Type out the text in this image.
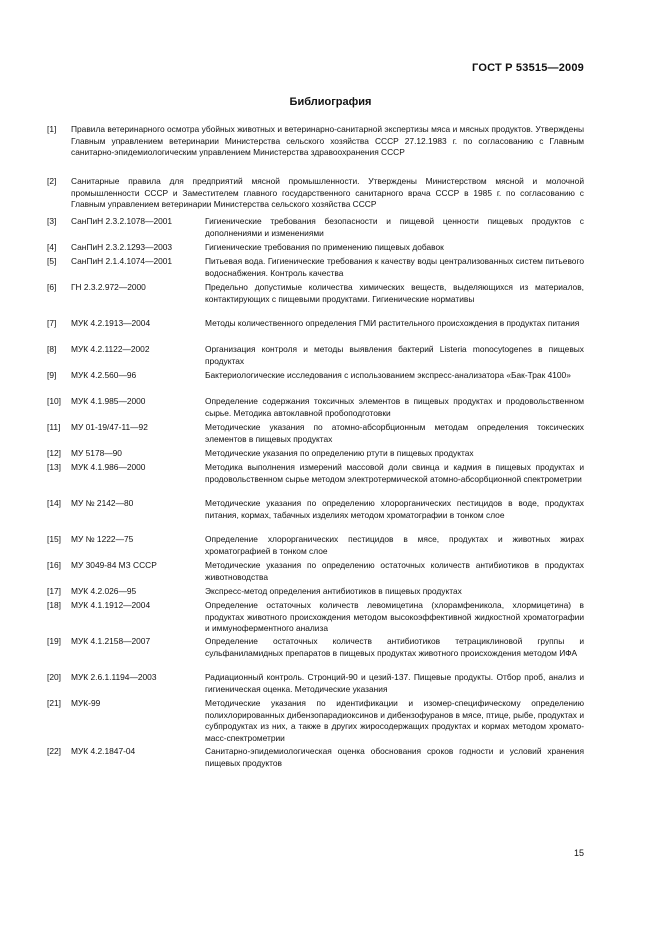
ГОСТ Р 53515—2009
Библиография
[1]	Правила ветеринарного осмотра убойных животных и ветеринарно-санитарной экспертизы мяса и мясных продуктов. Утверждены Главным управлением ветеринарии Министерства сельского хозяйства СССР 27.12.1983 г. по согласованию с Главным санитарно-эпидемиологическим управлением Министерства здравоохранения СССР
[2]	Санитарные правила для предприятий мясной промышленности. Утверждены Министерством мясной и молочной промышленности СССР и Заместителем главного государственного санитарного врача СССР в 1985 г. по согласованию с Главным управлением ветеринарии Министерства сельского хозяйства СССР
[3]	СанПиН 2.3.2.1078—2001	Гигиенические требования безопасности и пищевой ценности пищевых продуктов с дополнениями и изменениями
[4]	СанПиН 2.3.2.1293—2003	Гигиенические требования по применению пищевых добавок
[5]	СанПиН 2.1.4.1074—2001	Питьевая вода. Гигиенические требования к качеству воды централизованных систем питьевого водоснабжения. Контроль качества
[6]	ГН 2.3.2.972—2000	Предельно допустимые количества химических веществ, выделяющихся из материалов, контактирующих с пищевыми продуктами. Гигиенические нормативы
[7]	МУК 4.2.1913—2004	Методы количественного определения ГМИ растительного происхождения в продуктах питания
[8]	МУК 4.2.1122—2002	Организация контроля и методы выявления бактерий Listeria monocytogenes в пищевых продуктах
[9]	МУК 4.2.560—96	Бактериологические исследования с использованием экспресс-анализатора «Бак-Трак 4100»
[10]	МУК 4.1.985—2000	Определение содержания токсичных элементов в пищевых продуктах и продовольственном сырье. Методика автоклавной пробоподготовки
[11]	МУ 01-19/47-11—92	Методические указания по атомно-абсорбционным методам определения токсических элементов в пищевых продуктах
[12]	МУ 5178—90	Методические указания по определению ртути в пищевых продуктах
[13]	МУК 4.1.986—2000	Методика выполнения измерений массовой доли свинца и кадмия в пищевых продуктах и продовольственном сырье методом электротермической атомно-абсорбционной спектрометрии
[14]	МУ № 2142—80	Методические указания по определению хлорорганических пестицидов в воде, продуктах питания, кормах, табачных изделиях методом хроматографии в тонком слое
[15]	МУ № 1222—75	Определение хлорорганических пестицидов в мясе, продуктах и животных жирах хроматографией в тонком слое
[16]	МУ 3049-84 МЗ СССР	Методические указания по определению остаточных количеств антибиотиков в продуктах животноводства
[17]	МУК 4.2.026—95	Экспресс-метод определения антибиотиков в пищевых продуктах
[18]	МУК 4.1.1912—2004	Определение остаточных количеств левомицетина (хлорамфеникола, хлормицетина) в продуктах животного происхождения методом высокоэффективной жидкостной хроматографии и иммуноферментного анализа
[19]	МУК 4.1.2158—2007	Определение остаточных количеств антибиотиков тетрациклиновой группы и сульфаниламидных препаратов в пищевых продуктах животного происхождения методом ИФА
[20]	МУК 2.6.1.1194—2003	Радиационный контроль. Стронций-90 и цезий-137. Пищевые продукты. Отбор проб, анализ и гигиеническая оценка. Методические указания
[21]	МУК-99	Методические указания по идентификации и изомер-специфическому определению полихлорированных дибензопарадиоксинов и дибензофуранов в мясе, птице, рыбе, продуктах и субпродуктах из них, а также в других жиросодержащих продуктах и кормах методом хромато-масс-спектрометрии
[22]	МУК 4.2.1847-04	Санитарно-эпидемиологическая оценка обоснования сроков годности и условий хранения пищевых продуктов
15
